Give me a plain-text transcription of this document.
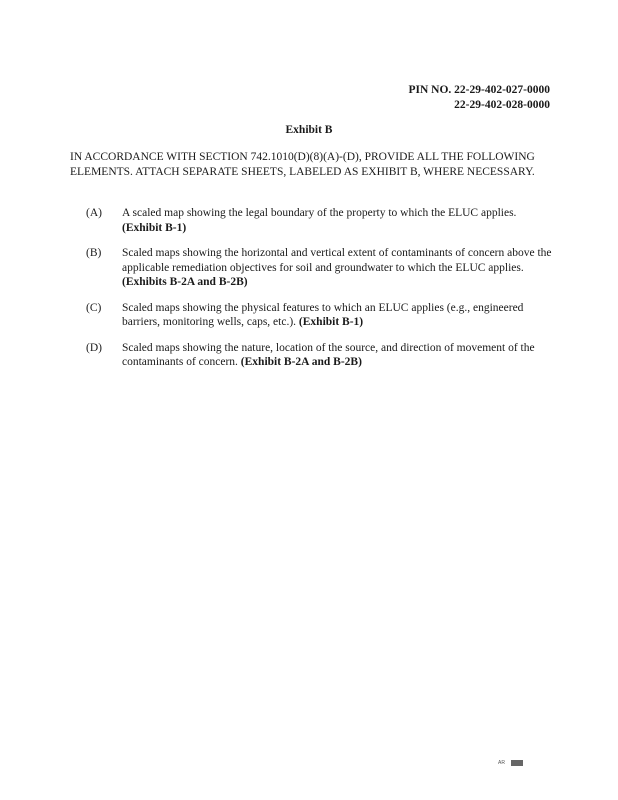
PIN NO. 22-29-402-027-0000
22-29-402-028-0000
Exhibit B
IN ACCORDANCE WITH SECTION 742.1010(D)(8)(A)-(D), PROVIDE ALL THE FOLLOWING ELEMENTS. ATTACH SEPARATE SHEETS, LABELED AS EXHIBIT B, WHERE NECESSARY.
(A)	A scaled map showing the legal boundary of the property to which the ELUC applies. (Exhibit B-1)
(B)	Scaled maps showing the horizontal and vertical extent of contaminants of concern above the applicable remediation objectives for soil and groundwater to which the ELUC applies. (Exhibits B-2A and B-2B)
(C)	Scaled maps showing the physical features to which an ELUC applies (e.g., engineered barriers, monitoring wells, caps, etc.). (Exhibit B-1)
(D)	Scaled maps showing the nature, location of the source, and direction of movement of the contaminants of concern. (Exhibit B-2A and B-2B)
AR
